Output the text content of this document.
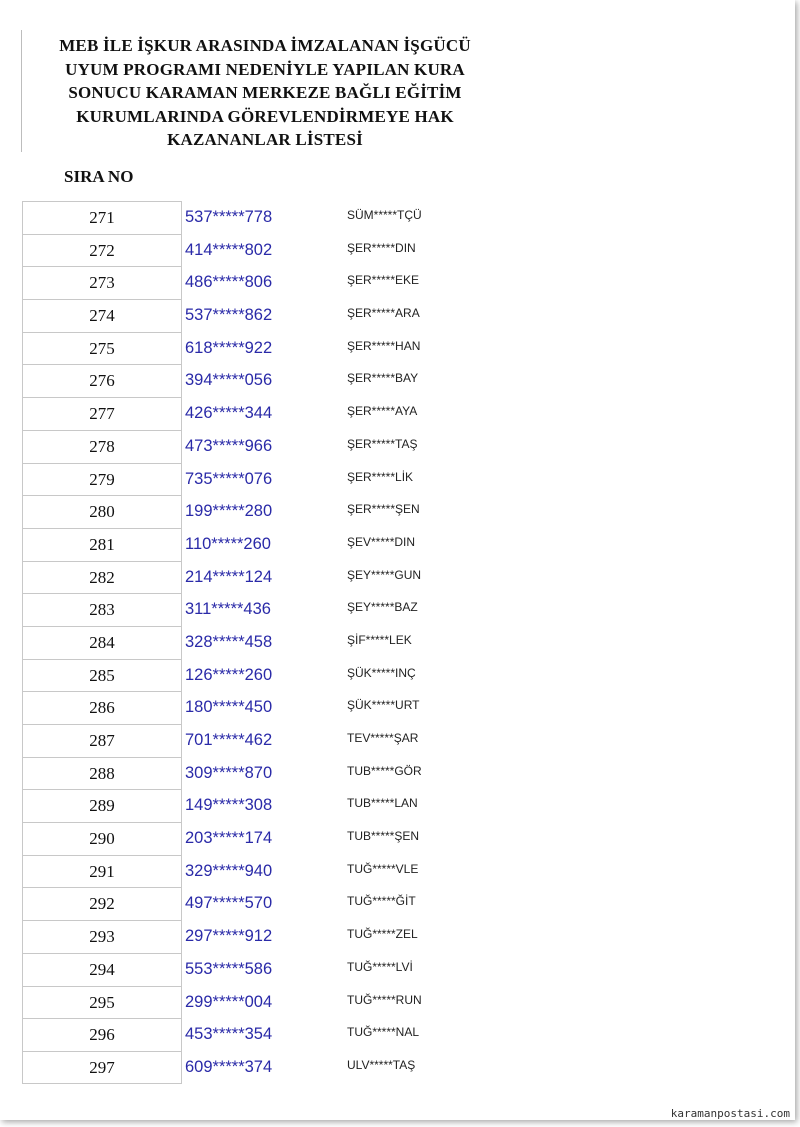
MEB İLE İŞKUR ARASINDA İMZALANAN İŞGÜCÜ
UYUM PROGRAMI NEDENİYLE YAPILAN KURA
SONUCU KARAMAN MERKEZE BAĞLI EĞİTİM
KURUMLARINDA GÖREVLENDİRMEYE HAK
KAZANANLAR LİSTESİ
SIRA NO
271	537*****778	SÜM*****TÇÜ
272	414*****802	ŞER*****DIN
273	486*****806	ŞER*****EKE
274	537*****862	ŞER*****ARA
275	618*****922	ŞER*****HAN
276	394*****056	ŞER*****BAY
277	426*****344	ŞER*****AYA
278	473*****966	ŞER*****TAŞ
279	735*****076	ŞER*****LİK
280	199*****280	ŞER*****ŞEN
281	110*****260	ŞEV*****DIN
282	214*****124	ŞEY*****GUN
283	311*****436	ŞEY*****BAZ
284	328*****458	ŞİF*****LEK
285	126*****260	ŞÜK*****INÇ
286	180*****450	ŞÜK*****URT
287	701*****462	TEV*****ŞAR
288	309*****870	TUB*****GÖR
289	149*****308	TUB*****LAN
290	203*****174	TUB*****ŞEN
291	329*****940	TUĞ*****VLE
292	497*****570	TUĞ*****ĞİT
293	297*****912	TUĞ*****ZEL
294	553*****586	TUĞ*****LVİ
295	299*****004	TUĞ*****RUN
296	453*****354	TUĞ*****NAL
297	609*****374	ULV*****TAŞ
karamanpostasi.com
